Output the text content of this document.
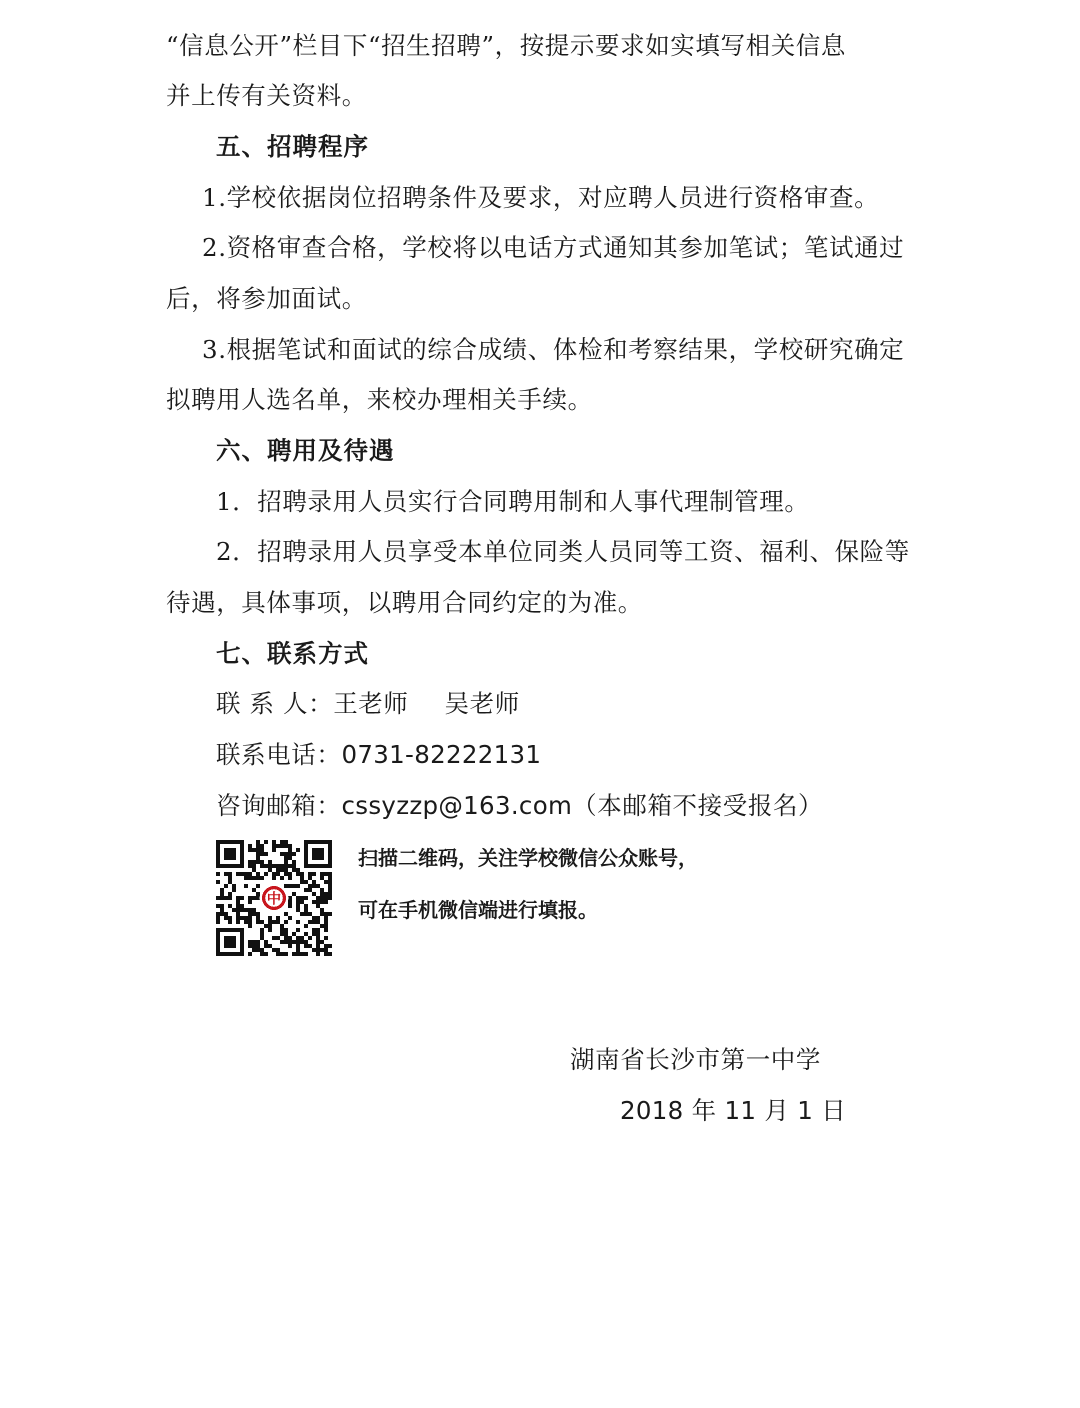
“信息公开”栏目下“招生招聘”，按提示要求如实填写相关信息
并上传有关资料。
五、招聘程序
1.学校依据岗位招聘条件及要求，对应聘人员进行资格审查。
2.资格审查合格，学校将以电话方式通知其参加笔试；笔试通过
后，将参加面试。
3.根据笔试和面试的综合成绩、体检和考察结果，学校研究确定
拟聘用人选名单，来校办理相关手续。
六、聘用及待遇
1．招聘录用人员实行合同聘用制和人事代理制管理。
2．招聘录用人员享受本单位同类人员同等工资、福利、保险等
待遇，具体事项，以聘用合同约定的为准。
七、联系方式
联 系 人：王老师 吴老师
联系电话：0731-82222131
咨询邮箱：cssyzzp@163.com（本邮箱不接受报名）
中
扫描二维码，关注学校微信公众账号，
可在手机微信端进行填报。
湖南省长沙市第一中学
2018 年 11 月 1 日
